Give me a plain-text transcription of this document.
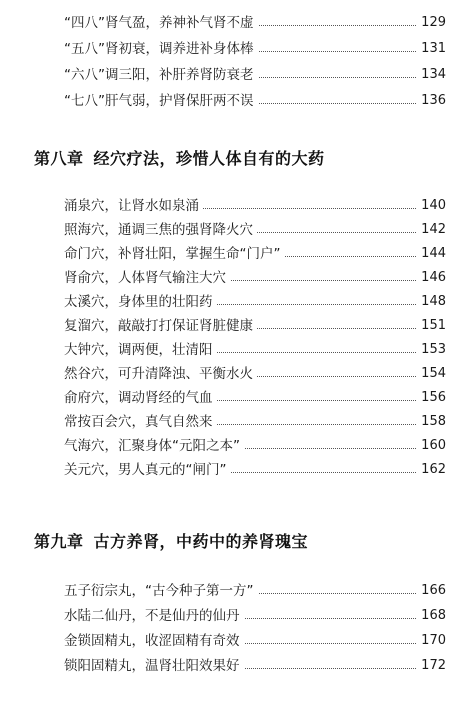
“四八”肾气盈，养神补气肾不虚	129
“五八”肾初衰，调养进补身体棒	131
“六八”调三阳，补肝养肾防衰老	134
“七八”肝气弱，护肾保肝两不误	136
第八章 经穴疗法，珍惜人体自有的大药
涌泉穴，让肾水如泉涌	140
照海穴，通调三焦的强肾降火穴	142
命门穴，补肾壮阳，掌握生命“门户”	144
肾俞穴，人体肾气输注大穴	146
太溪穴，身体里的壮阳药	148
复溜穴，敲敲打打保证肾脏健康	151
大钟穴，调两便，壮清阳	153
然谷穴，可升清降浊、平衡水火	154
俞府穴，调动肾经的气血	156
常按百会穴，真气自然来	158
气海穴，汇聚身体“元阳之本”	160
关元穴，男人真元的“闸门”	162
第九章 古方养肾，中药中的养肾瑰宝
五子衍宗丸，“古今种子第一方”	166
水陆二仙丹，不是仙丹的仙丹	168
金锁固精丸，收涩固精有奇效	170
锁阳固精丸，温肾壮阳效果好	172
